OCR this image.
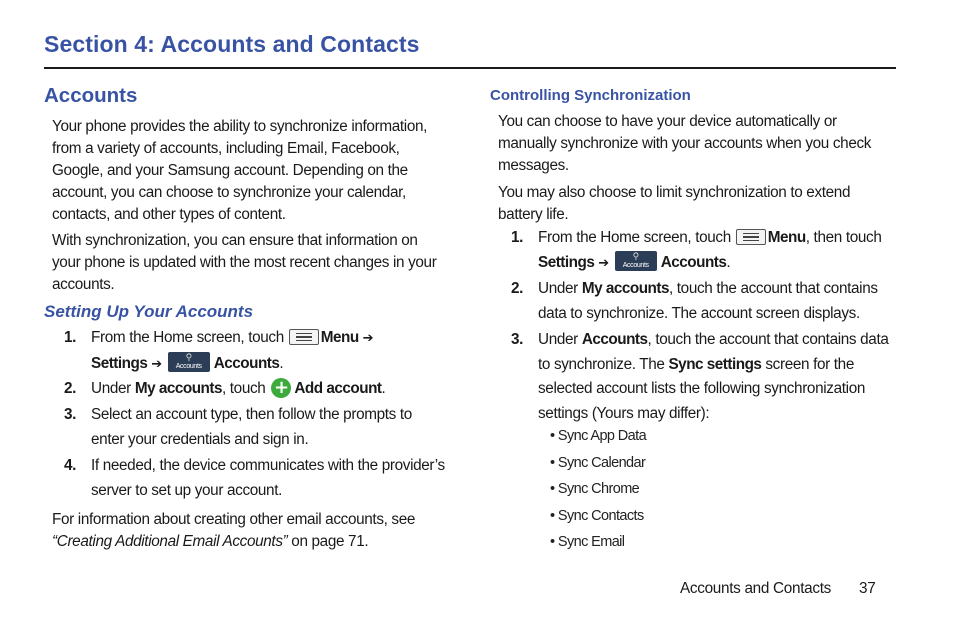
Section 4: Accounts and Contacts
Accounts
Your phone provides the ability to synchronize information,
from a variety of accounts, including Email, Facebook,
Google, and your Samsung account. Depending on the
account, you can choose to synchronize your calendar,
contacts, and other types of content.
With synchronization, you can ensure that information on
your phone is updated with the most recent changes in your
accounts.
Setting Up Your Accounts
1. From the Home screen, touch Menu ➔
Settings ➔	⚲
Accounts Accounts.
2. Under My accounts, touch + Add account.
3. Select an account type, then follow the prompts to
enter your credentials and sign in.
4. If needed, the device communicates with the provider’s
server to set up your account.
For information about creating other email accounts, see
“Creating Additional Email Accounts” on page 71.
Controlling Synchronization
You can choose to have your device automatically or
manually synchronize with your accounts when you check
messages.
You may also choose to limit synchronization to extend
battery life.
1. From the Home screen, touch Menu, then touch
Settings ➔	⚲
Accounts Accounts.
2. Under My accounts, touch the account that contains
data to synchronize. The account screen displays.
3. Under Accounts, touch the account that contains data
to synchronize. The Sync settings screen for the
selected account lists the following synchronization
settings (Yours may differ):
• Sync App Data
• Sync Calendar
• Sync Chrome
• Sync Contacts
• Sync Email
Accounts and Contacts 37
